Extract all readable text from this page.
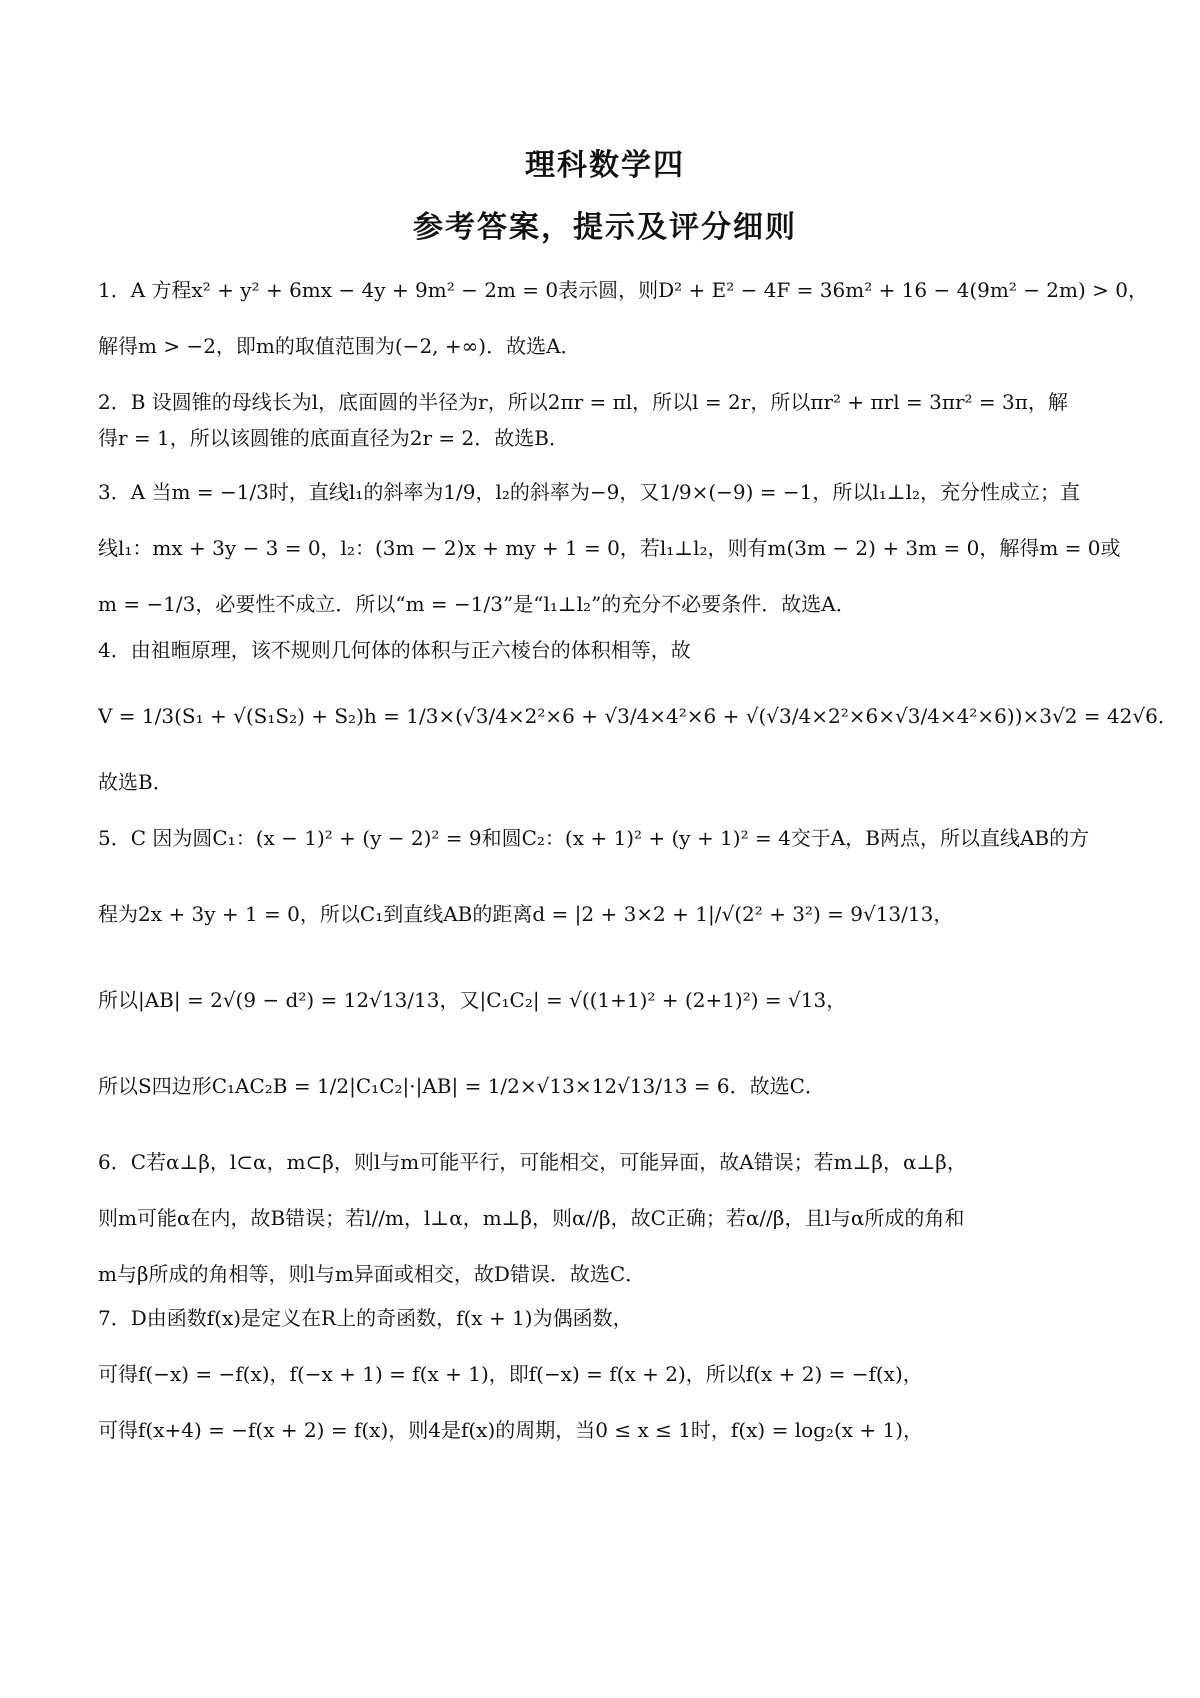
理科数学四
参考答案，提示及评分细则

1．A 方程x² + y² + 6mx − 4y + 9m² − 2m = 0表示圆，则D² + E² − 4F = 36m² + 16 − 4(9m² − 2m) > 0，

解得m > −2，即m的取值范围为(−2, +∞)．故选A．

2．B 设圆锥的母线长为l，底面圆的半径为r，所以2πr = πl，所以l = 2r，所以πr² + πrl = 3πr² = 3π，解

得r = 1，所以该圆锥的底面直径为2r = 2．故选B．

3．A 当m = −1/3时，直线l₁的斜率为1/9，l₂的斜率为−9，又1/9×(−9) = −1，所以l₁⊥l₂，充分性成立；直

线l₁：mx + 3y − 3 = 0，l₂：(3m − 2)x + my + 1 = 0，若l₁⊥l₂，则有m(3m − 2) + 3m = 0，解得m = 0或

m = −1/3，必要性不成立．所以“m = −1/3”是“l₁⊥l₂”的充分不必要条件．故选A．

4．由祖暅原理，该不规则几何体的体积与正六棱台的体积相等，故

V = 1/3(S₁ + √(S₁S₂) + S₂)h = 1/3×(√3/4×2²×6 + √3/4×4²×6 + √(√3/4×2²×6×√3/4×4²×6))×3√2 = 42√6．

故选B．

5．C 因为圆C₁：(x − 1)² + (y − 2)² = 9和圆C₂：(x + 1)² + (y + 1)² = 4交于A，B两点，所以直线AB的方

程为2x + 3y + 1 = 0，所以C₁到直线AB的距离d = |2 + 3×2 + 1|/√(2² + 3²) = 9√13/13，

所以|AB| = 2√(9 − d²) = 12√13/13，又|C₁C₂| = √((1+1)² + (2+1)²) = √13，

所以S四边形C₁AC₂B = 1/2|C₁C₂|·|AB| = 1/2×√13×12√13/13 = 6．故选C．

6．C若α⊥β，l⊂α，m⊂β，则l与m可能平行，可能相交，可能异面，故A错误；若m⊥β，α⊥β，

则m可能α在内，故B错误；若l//m，l⊥α，m⊥β，则α//β，故C正确；若α//β，且l与α所成的角和

m与β所成的角相等，则l与m异面或相交，故D错误．故选C．

7．D由函数f(x)是定义在R上的奇函数，f(x + 1)为偶函数，

可得f(−x) = −f(x)，f(−x + 1) = f(x + 1)，即f(−x) = f(x + 2)，所以f(x + 2) = −f(x)，

可得f(x+4) = −f(x + 2) = f(x)，则4是f(x)的周期，当0 ≤ x ≤ 1时，f(x) = log₂(x + 1)，
